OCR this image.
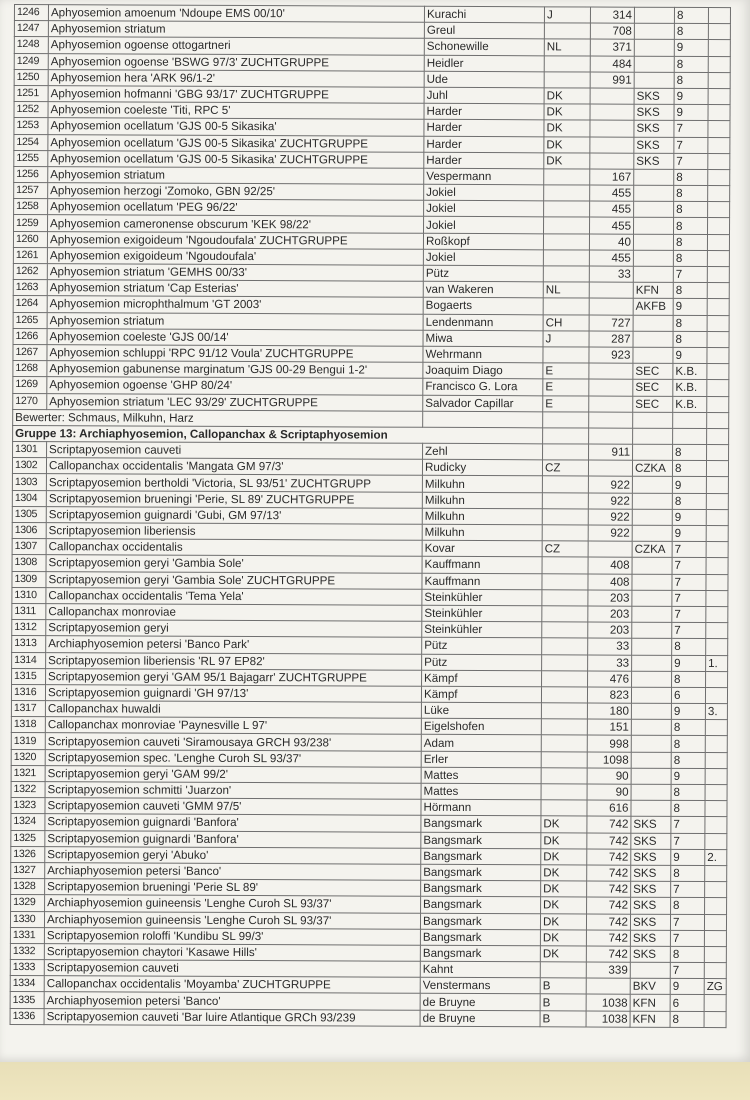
1246	Aphyosemion amoenum 'Ndoupe EMS 00/10'	Kurachi	J	314		8	
1247	Aphyosemion striatum	Greul		708		8	
1248	Aphyosemion ogoense ottogartneri	Schonewille	NL	371		9	
1249	Aphyosemion ogoense 'BSWG 97/3' ZUCHTGRUPPE	Heidler		484		8	
1250	Aphyosemion hera 'ARK 96/1-2'	Ude		991		8	
1251	Aphyosemion hofmanni 'GBG 93/17' ZUCHTGRUPPE	Juhl	DK		SKS	9	
1252	Aphyosemion coeleste 'Titi, RPC 5'	Harder	DK		SKS	9	
1253	Aphyosemion ocellatum 'GJS 00-5 Sikasika'	Harder	DK		SKS	7	
1254	Aphyosemion ocellatum 'GJS 00-5 Sikasika' ZUCHTGRUPPE	Harder	DK		SKS	7	
1255	Aphyosemion ocellatum 'GJS 00-5 Sikasika' ZUCHTGRUPPE	Harder	DK		SKS	7	
1256	Aphyosemion striatum	Vespermann		167		8	
1257	Aphyosemion herzogi 'Zomoko, GBN 92/25'	Jokiel		455		8	
1258	Aphyosemion ocellatum 'PEG 96/22'	Jokiel		455		8	
1259	Aphyosemion cameronense obscurum 'KEK 98/22'	Jokiel		455		8	
1260	Aphyosemion exigoideum 'Ngoudoufala' ZUCHTGRUPPE	Roßkopf		40		8	
1261	Aphyosemion exigoideum 'Ngoudoufala'	Jokiel		455		8	
1262	Aphyosemion striatum 'GEMHS 00/33'	Pütz		33		7	
1263	Aphyosemion striatum 'Cap Esterias'	van Wakeren	NL		KFN	8	
1264	Aphyosemion microphthalmum 'GT 2003'	Bogaerts			AKFB	9	
1265	Aphyosemion striatum	Lendenmann	CH	727		8	
1266	Aphyosemion coeleste 'GJS 00/14'	Miwa	J	287		8	
1267	Aphyosemion schluppi 'RPC 91/12 Voula' ZUCHTGRUPPE	Wehrmann		923		9	
1268	Aphyosemion gabunense marginatum 'GJS 00-29 Bengui 1-2'	Joaquim Diago	E		SEC	K.B.	
1269	Aphyosemion ogoense 'GHP 80/24'	Francisco G. Lora	E		SEC	K.B.	
1270	Aphyosemion striatum 'LEC 93/29' ZUCHTGRUPPE	Salvador Capillar	E		SEC	K.B.	
Bewerter: Schmaus, Milkuhn, Harz							
Gruppe 13: Archiaphyosemion, Callopanchax & Scriptaphyosemion							
1301	Scriptapyosemion cauveti	Zehl		911		8	
1302	Callopanchax occidentalis 'Mangata GM 97/3'	Rudicky	CZ		CZKA	8	
1303	Scriptapyosemion bertholdi 'Victoria, SL 93/51' ZUCHTGRUPP	Milkuhn		922		9	
1304	Scriptapyosemion brueningi 'Perie, SL 89' ZUCHTGRUPPE	Milkuhn		922		8	
1305	Scriptapyosemion guignardi 'Gubi, GM 97/13'	Milkuhn		922		9	
1306	Scriptapyosemion liberiensis	Milkuhn		922		9	
1307	Callopanchax occidentalis	Kovar	CZ		CZKA	7	
1308	Scriptapyosemion geryi 'Gambia Sole'	Kauffmann		408		7	
1309	Scriptapyosemion geryi 'Gambia Sole' ZUCHTGRUPPE	Kauffmann		408		7	
1310	Callopanchax occidentalis 'Tema Yela'	Steinkühler		203		7	
1311	Callopanchax monroviae	Steinkühler		203		7	
1312	Scriptapyosemion geryi	Steinkühler		203		7	
1313	Archiaphyosemion petersi 'Banco Park'	Pütz		33		8	
1314	Scriptapyosemion liberiensis 'RL 97 EP82'	Pütz		33		9	1.
1315	Scriptapyosemion geryi 'GAM 95/1 Bajagarr' ZUCHTGRUPPE	Kämpf		476		8	
1316	Scriptapyosemion guignardi 'GH 97/13'	Kämpf		823		6	
1317	Callopanchax huwaldi	Lüke		180		9	3.
1318	Callopanchax monroviae 'Paynesville L 97'	Eigelshofen		151		8	
1319	Scriptapyosemion cauveti 'Siramousaya GRCH 93/238'	Adam		998		8	
1320	Scriptapyosemion spec. 'Lenghe Curoh SL 93/37'	Erler		1098		8	
1321	Scriptapyosemion geryi 'GAM 99/2'	Mattes		90		9	
1322	Scriptapyosemion schmitti 'Juarzon'	Mattes		90		8	
1323	Scriptapyosemion cauveti 'GMM 97/5'	Hörmann		616		8	
1324	Scriptapyosemion guignardi 'Banfora'	Bangsmark	DK	742	SKS	7	
1325	Scriptapyosemion guignardi 'Banfora'	Bangsmark	DK	742	SKS	7	
1326	Scriptapyosemion geryi 'Abuko'	Bangsmark	DK	742	SKS	9	2.
1327	Archiaphyosemion petersi 'Banco'	Bangsmark	DK	742	SKS	8	
1328	Scriptapyosemion brueningi 'Perie SL 89'	Bangsmark	DK	742	SKS	7	
1329	Archiaphyosemion guineensis 'Lenghe Curoh SL 93/37'	Bangsmark	DK	742	SKS	8	
1330	Archiaphyosemion guineensis 'Lenghe Curoh SL 93/37'	Bangsmark	DK	742	SKS	7	
1331	Scriptapyosemion roloffi 'Kundibu SL 99/3'	Bangsmark	DK	742	SKS	7	
1332	Scriptapyosemion chaytori 'Kasawe Hills'	Bangsmark	DK	742	SKS	8	
1333	Scriptapyosemion cauveti	Kahnt		339		7	
1334	Callopanchax occidentalis 'Moyamba' ZUCHTGRUPPE	Venstermans	B		BKV	9	ZG
1335	Archiaphyosemion petersi 'Banco'	de Bruyne	B	1038	KFN	6	
1336	Scriptapyosemion cauveti 'Bar luire Atlantique GRCh 93/239	de Bruyne	B	1038	KFN	8	
